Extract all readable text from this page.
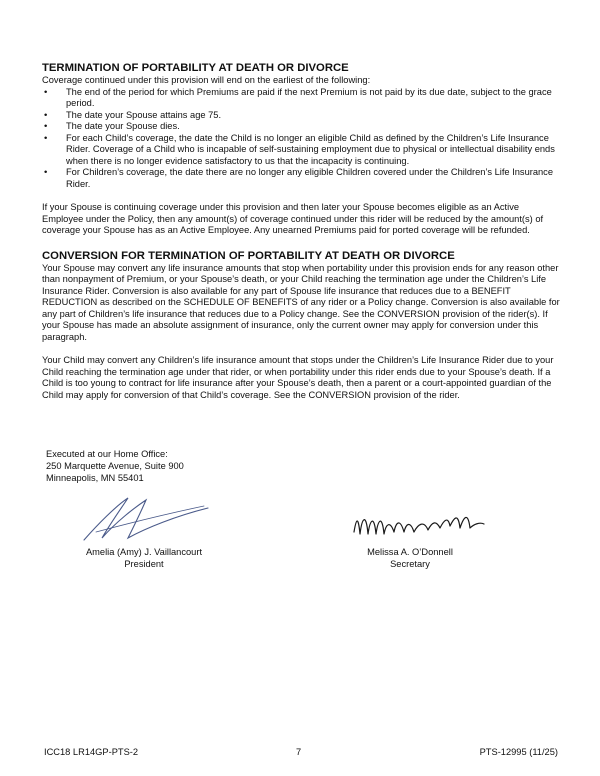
TERMINATION OF PORTABILITY AT DEATH OR DIVORCE

Coverage continued under this provision will end on the earliest of the following:

• The end of the period for which Premiums are paid if the next Premium is not paid by its due date, subject to the grace period.
• The date your Spouse attains age 75.
• The date your Spouse dies.
• For each Child’s coverage, the date the Child is no longer an eligible Child as defined by the Children’s Life Insurance Rider. Coverage of a Child who is incapable of self-sustaining employment due to physical or intellectual disability ends when there is no longer evidence satisfactory to us that the incapacity is continuing.
• For Children’s coverage, the date there are no longer any eligible Children covered under the Children’s Life Insurance Rider.

If your Spouse is continuing coverage under this provision and then later your Spouse becomes eligible as an Active Employee under the Policy, then any amount(s) of coverage continued under this rider will be reduced by the amount(s) of coverage your Spouse has as an Active Employee. Any unearned Premiums paid for ported coverage will be refunded.

CONVERSION FOR TERMINATION OF PORTABILITY AT DEATH OR DIVORCE

Your Spouse may convert any life insurance amounts that stop when portability under this provision ends for any reason other than nonpayment of Premium, or your Spouse’s death, or your Child reaching the termination age under the Children’s Life Insurance Rider. Conversion is also available for any part of Spouse life insurance that reduces due to a BENEFIT REDUCTION as described on the SCHEDULE OF BENEFITS of any rider or a Policy change. Conversion is also available for any part of Children’s life insurance that reduces due to a Policy change. See the CONVERSION provision of the rider(s). If your Spouse has made an absolute assignment of insurance, only the current owner may apply for conversion under this paragraph.

Your Child may convert any Children’s life insurance amount that stops under the Children’s Life Insurance Rider due to your Child reaching the termination age under that rider, or when portability under this rider ends due to your Spouse’s death. If a Child is too young to contract for life insurance after your Spouse’s death, then a parent or a court-appointed guardian of the Child may apply for conversion of that Child’s coverage. See the CONVERSION provision of the rider.

Executed at our Home Office:
250 Marquette Avenue, Suite 900
Minneapolis, MN 55401
Amelia (Amy) J. Vaillancourt
President
Melissa A. O’Donnell
Secretary
ICC18 LR14GP-PTS-2	7	PTS-12995 (11/25)
